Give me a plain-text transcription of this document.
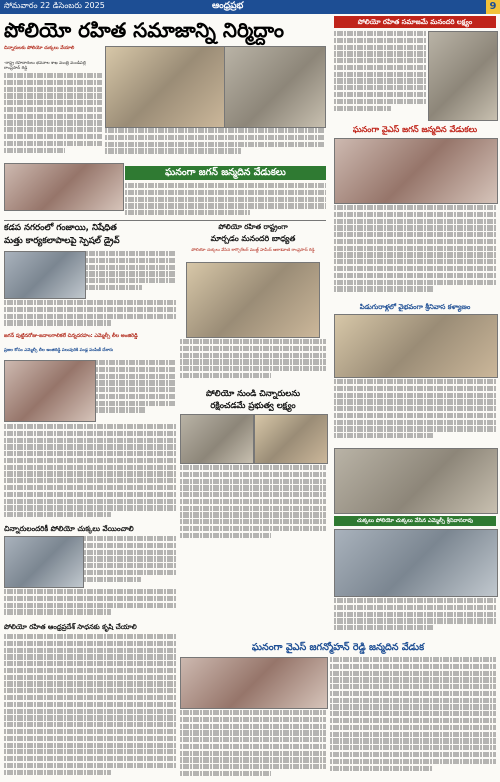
సోమవారం 22 డిసెంబరు 2025	ఆంధ్రప్రభ	9
పోలియో రహిత సమాజాన్ని నిర్మిద్దాం
చిన్నారులకు పోలియో చుక్కలు వేయాలి
-రాష్ట్ర రహదారులు భవనాల శాఖ మంత్రి మండిపల్లి రాంప్రసాద్ రెడ్డి
ఘనంగా జగన్ జన్మదిన వేడుకలు
కడప నగరంలో గంజాయి, నిషేధిత
మత్తు కార్యకలాపాలపై స్పెషల్ డ్రైవ్
పోలియో రహిత రాష్ట్రంగా
మార్చడం మనందరి బాధ్యత
పోలియో చుక్కలు వేసిన కార్పొరేటర్ ముజ్జ్ హమీద్ ఆకాశవాణి రాంప్రసాద్ రెడ్డి
జగన్ పుట్టినరోజు-జనాలగాలికలే చిన్నదరహం: ఎమ్మెల్సీ లీల అంజిరెడ్డి
ప్రజల కోసం ఎమ్మెల్సీ లీల అంజిరెడ్డి పలువురికి పండ్ల పంపిణీ చేశారు
పోలియో నుండి చిన్నారులను
రక్షించడమే ప్రభుత్వ లక్ష్యం
చిన్నారులందరికీ పోలియో చుక్కలు వేయించాలి
పోలియో రహిత ఆంధ్రప్రదేశ్ సాధనకు కృషి చేయాలి
పోలియో రహిత సమాజమే మనందరి లక్ష్యం
ఘనంగా వైఎస్ జగన్ జన్మదిన వేడుకలు
పిడుగురాళ్లలో వైభవంగా శ్రీనివాస కళ్యాణం
చుక్కలు పోలియో చుక్కలు వేసిన ఎమ్మెల్సీ శ్రీనివాసరావు
ఘనంగా వైఎస్ జగన్మోహన్ రెడ్డి జన్మదిన వేడుక
